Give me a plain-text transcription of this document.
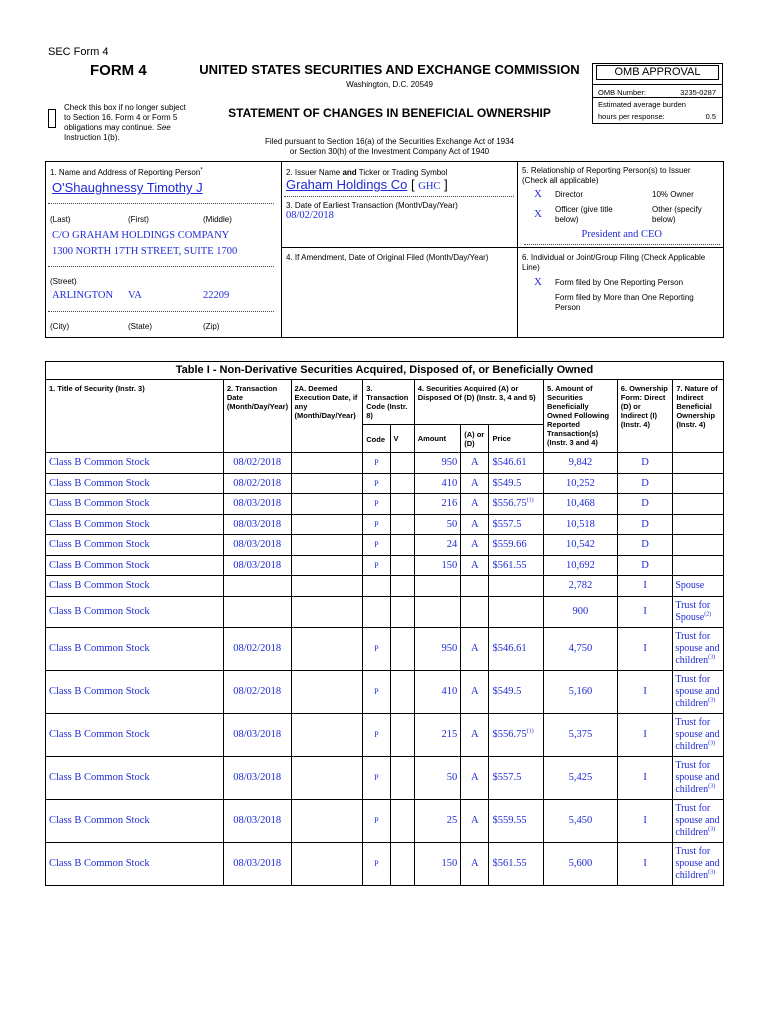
SEC Form 4
FORM 4	UNITED STATES SECURITIES AND EXCHANGE COMMISSION
Washington, D.C. 20549
STATEMENT OF CHANGES IN BENEFICIAL OWNERSHIP
Check this box if no longer subject
to Section 16. Form 4 or Form 5
obligations may continue. See
Instruction 1(b).	Filed pursuant to Section 16(a) of the Securities Exchange Act of 1934
or Section 30(h) of the Investment Company Act of 1940
OMB APPROVAL
OMB Number:	3235-0287
Estimated average burden
hours per response:	0.5
1. Name and Address of Reporting Person*
O'Shaughnessy Timothy J
(Last)	(First)	(Middle)
C/O GRAHAM HOLDINGS COMPANY
1300 NORTH 17TH STREET, SUITE 1700
(Street)
ARLINGTON VA	22209
(City)	(State)	(Zip)
2. Issuer Name and Ticker or Trading Symbol
Graham Holdings Co [ GHC ]
3. Date of Earliest Transaction (Month/Day/Year)
08/02/2018
4. If Amendment, Date of Original Filed (Month/Day/Year)
5. Relationship of Reporting Person(s) to Issuer
(Check all applicable)
X Director	10% Owner
X Officer (give title
below)
Other (specify
below)
President and CEO
6. Individual or Joint/Group Filing (Check Applicable
Line)
X Form filed by One Reporting Person
Form filed by More than One Reporting
Person
Table I - Non-Derivative Securities Acquired, Disposed of, or Beneficially Owned										
1. Title of Security (Instr. 3)	2. Transaction Date (Month/Day/Year)	2A. Deemed Execution Date, if any (Month/Day/Year)	3. Transaction Code (Instr. 8)		4. Securities Acquired (A) or Disposed Of (D) (Instr. 3, 4 and 5)			5. Amount of Securities Beneficially Owned Following Reported Transaction(s) (Instr. 3 and 4)	6. Ownership Form: Direct (D) or Indirect (I) (Instr. 4)	7. Nature of Indirect Beneficial Ownership (Instr. 4)
			Code	V	Amount	(A) or (D)	Price			
Class B Common Stock	08/02/2018		P		950	A	$546.61	9,842	D	
Class B Common Stock	08/02/2018		P		410	A	$549.5	10,252	D	
Class B Common Stock	08/03/2018		P		216	A	$556.75$^{(1)}$	10,468	D	
Class B Common Stock	08/03/2018		P		50	A	$557.5	10,518	D	
Class B Common Stock	08/03/2018		P		24	A	$559.66	10,542	D	
Class B Common Stock	08/03/2018		P		150	A	$561.55	10,692	D	
Class B Common Stock								2,782	I	Spouse
Class B Common Stock								900	I	Trust for Spouse$^{(2)}$
Class B Common Stock	08/02/2018		P		950	A	$546.61	4,750	I	Trust for spouse and children$^{(3)}$
Class B Common Stock	08/02/2018		P		410	A	$549.5	5,160	I	Trust for spouse and children$^{(3)}$
Class B Common Stock	08/03/2018		P		215	A	$556.75$^{(1)}$	5,375	I	Trust for spouse and children$^{(3)}$
Class B Common Stock	08/03/2018		P		50	A	$557.5	5,425	I	Trust for spouse and children$^{(3)}$
Class B Common Stock	08/03/2018		P		25	A	$559.55	5,450	I	Trust for spouse and children$^{(3)}$
Class B Common Stock	08/03/2018		P		150	A	$561.55	5,600	I	Trust for spouse and children$^{(3)}$
